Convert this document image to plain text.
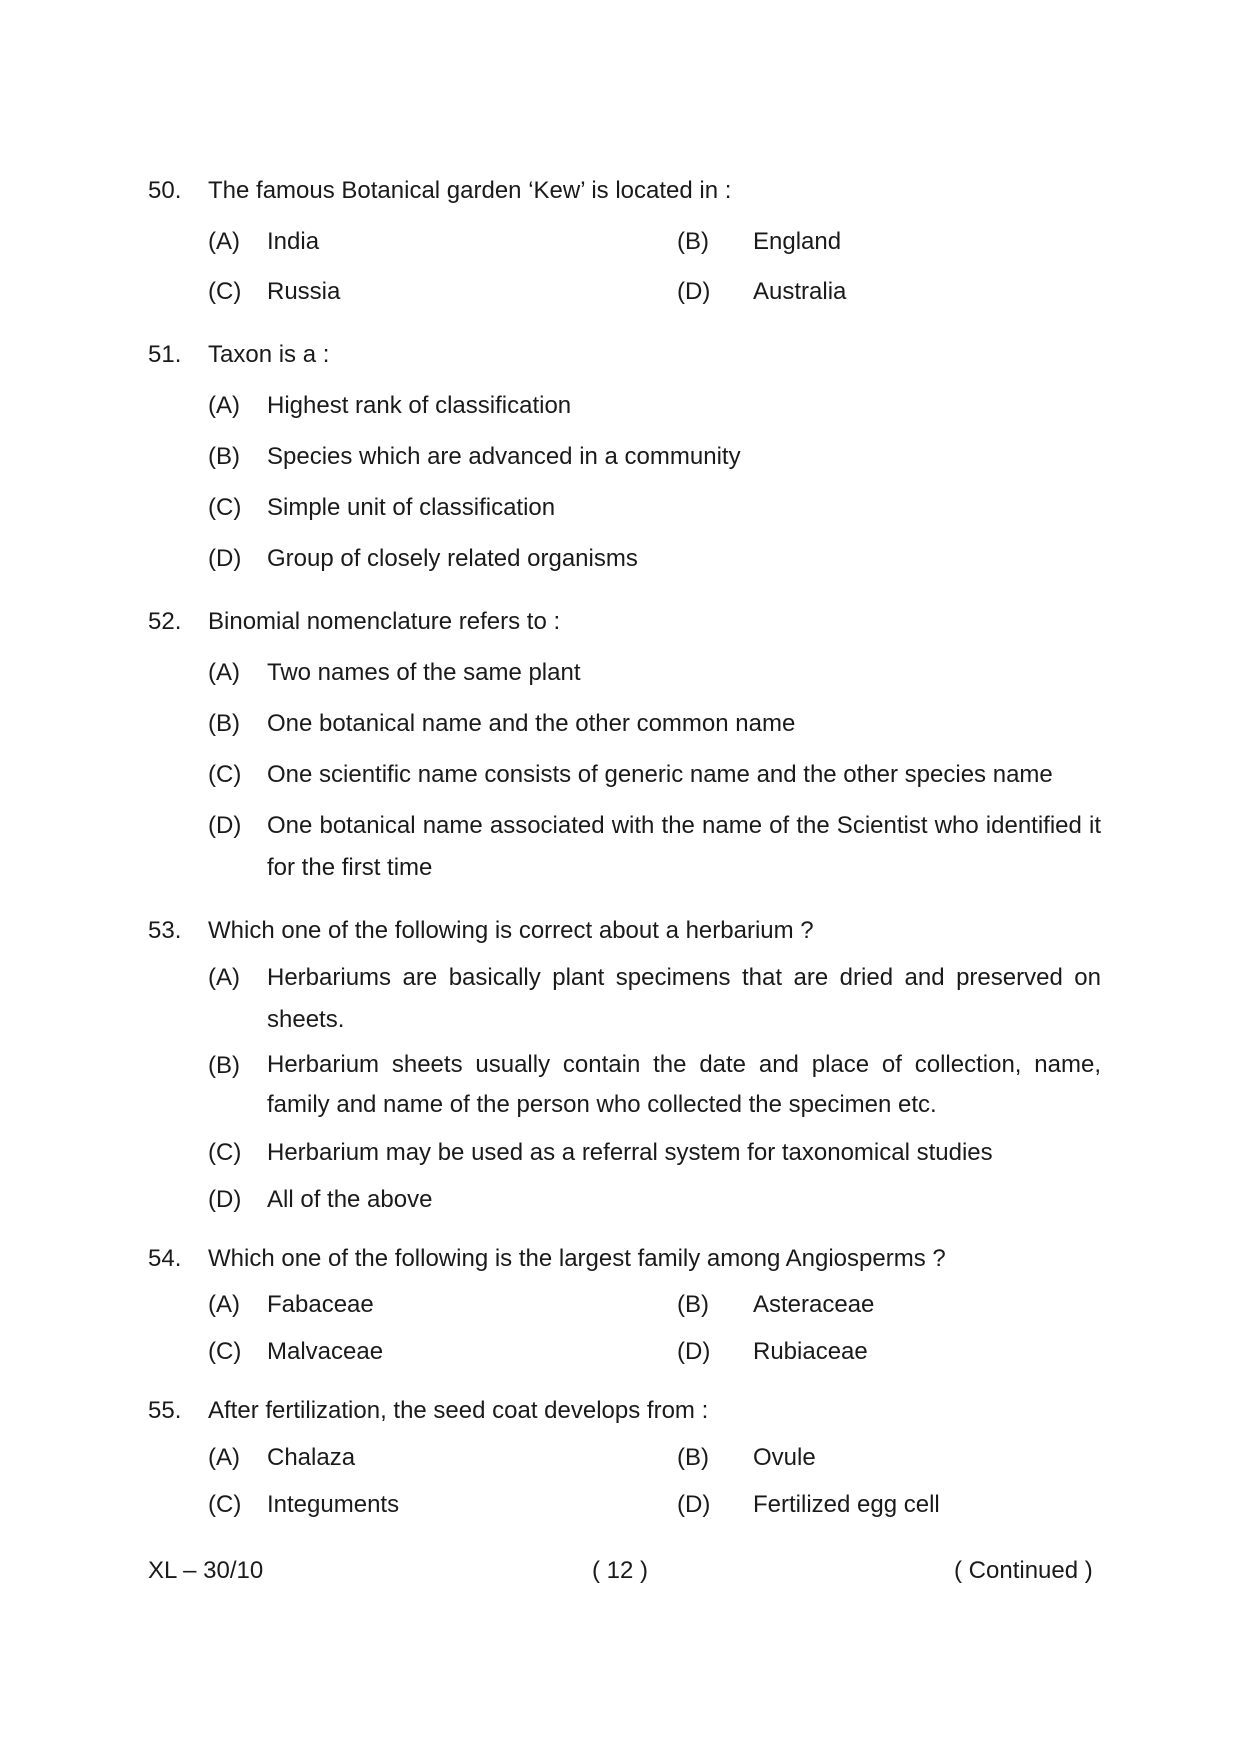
50. The famous Botanical garden ‘Kew’ is located in :
(A) India	(B) England
(C) Russia	(D) Australia
51. Taxon is a :
(A) Highest rank of classification
(B) Species which are advanced in a community
(C) Simple unit of classification
(D) Group of closely related organisms
52. Binomial nomenclature refers to :
(A) Two names of the same plant
(B) One botanical name and the other common name
(C) One scientific name consists of generic name and the other species name
(D) One botanical name associated with the name of the Scientist who identified it for the first time
53. Which one of the following is correct about a herbarium ?
(A) Herbariums are basically plant specimens that are dried and preserved on sheets.
(B) Herbarium sheets usually contain the date and place of collection, name, family and name of the person who collected the specimen etc.
(C) Herbarium may be used as a referral system for taxonomical studies
(D) All of the above
54. Which one of the following is the largest family among Angiosperms ?
(A) Fabaceae	(B) Asteraceae
(C) Malvaceae	(D) Rubiaceae
55. After fertilization, the seed coat develops from :
(A) Chalaza	(B) Ovule
(C) Integuments	(D) Fertilized egg cell
XL – 30/10	( 12 )	( Continued )
